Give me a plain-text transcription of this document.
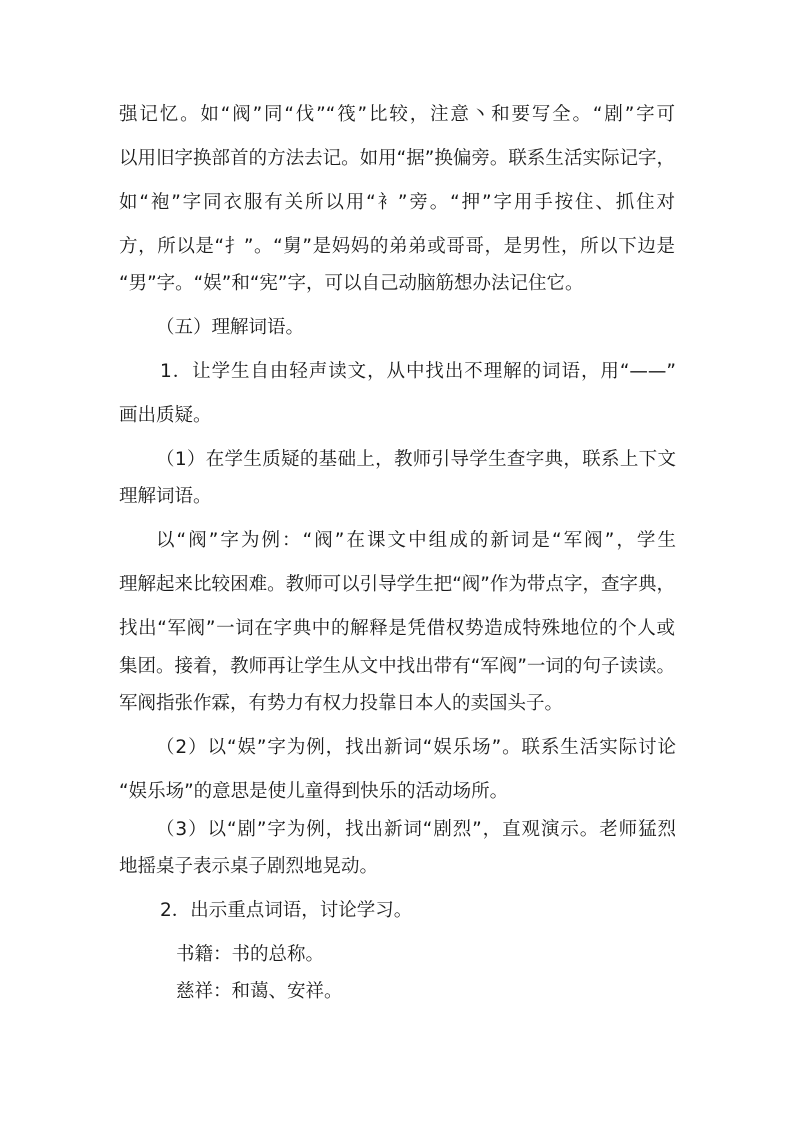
强记忆。如“阀”同“伐”“筏”比较，注意丶和要写全。“剧”字可
以用旧字换部首的方法去记。如用“据”换偏旁。联系生活实际记字，
如“袍”字同衣服有关所以用“衤”旁。“押”字用手按住、抓住对
方，所以是“扌”。“舅”是妈妈的弟弟或哥哥，是男性，所以下边是
“男”字。“娱”和“宪”字，可以自己动脑筋想办法记住它。
（五）理解词语。
1．让学生自由轻声读文，从中找出不理解的词语，用“——”
画出质疑。
（1）在学生质疑的基础上，教师引导学生查字典，联系上下文
理解词语。
以“阀”字为例：“阀”在课文中组成的新词是“军阀”，学生
理解起来比较困难。教师可以引导学生把“阀”作为带点字，查字典，
找出“军阀”一词在字典中的解释是凭借权势造成特殊地位的个人或
集团。接着，教师再让学生从文中找出带有“军阀”一词的句子读读。
军阀指张作霖，有势力有权力投靠日本人的卖国头子。
（2）以“娱”字为例，找出新词“娱乐场”。联系生活实际讨论
“娱乐场”的意思是使儿童得到快乐的活动场所。
（3）以“剧”字为例，找出新词“剧烈”，直观演示。老师猛烈
地摇桌子表示桌子剧烈地晃动。
2．出示重点词语，讨论学习。
书籍：书的总称。
慈祥：和蔼、安祥。
